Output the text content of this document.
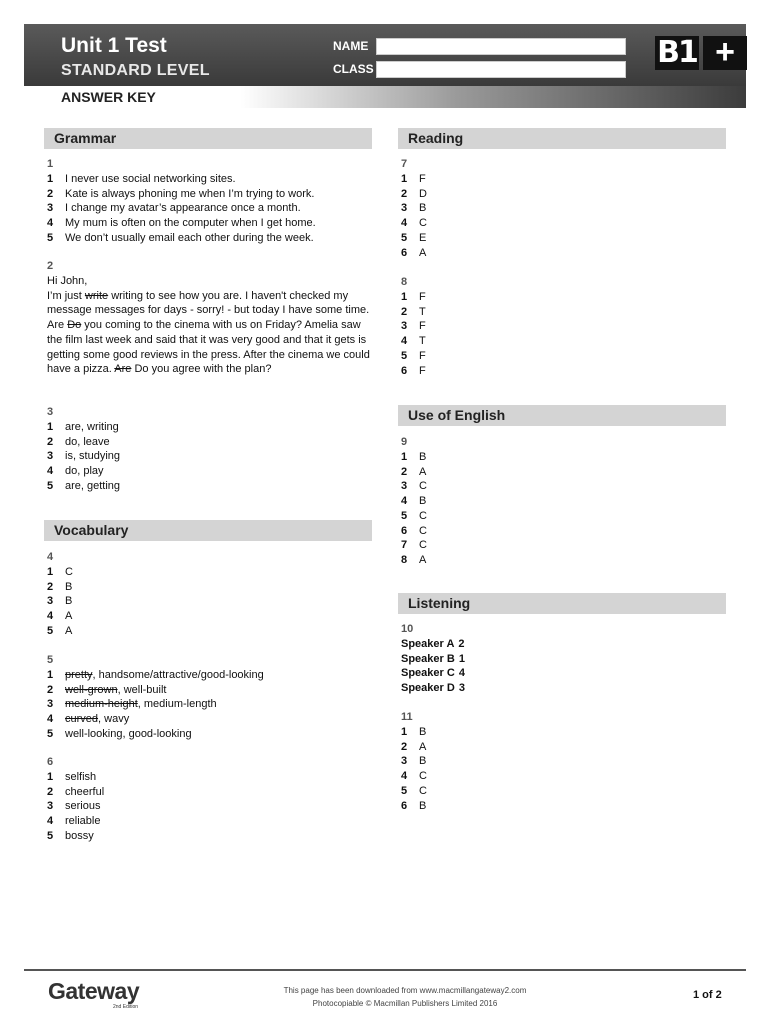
Unit 1 Test
STANDARD LEVEL
NAME
CLASS	B1 +
ANSWER KEY
Grammar
1
1	I never use social networking sites.
2	Kate is always phoning me when I’m trying to work.
3	I change my avatar’s appearance once a month.
4	My mum is often on the computer when I get home.
5	We don’t usually email each other during the week.
2
Hi John,
I’m just write writing to see how you are. I haven't checked my message messages for days - sorry! - but today I have some time. Are Do you coming to the cinema with us on Friday? Amelia saw the film last week and said that it was very good and that it gets is getting some good reviews in the press. After the cinema we could have a pizza. Are Do you agree with the plan?
3
1	are, writing
2	do, leave
3	is, studying
4	do, play
5	are, getting
Vocabulary
4
1	C
2	B
3	B
4	A
5	A
5
1	pretty , handsome/attractive/good-looking
2	well-grown , well-built
3	medium-height , medium-length
4	curved , wavy
5	well-looking, good-looking
6
1	selfish
2	cheerful
3	serious
4	reliable
5	bossy
Reading
7
1	F
2	D
3	B
4	C
5	E
6	A
8
1	F
2	T
3	F
4	T
5	F
6	F
Use of English
9
1	B
2	A
3	C
4	B
5	C
6	C
7	C
8	A
Listening
10
Speaker A 2
Speaker B 1
Speaker C 4
Speaker D 3
11
1	B
2	A
3	B
4	C
5	C
6	B
Gateway
2nd Edition
This page has been downloaded from www.macmillangateway2.com
Photocopiable © Macmillan Publishers Limited 2016
1 of 2
